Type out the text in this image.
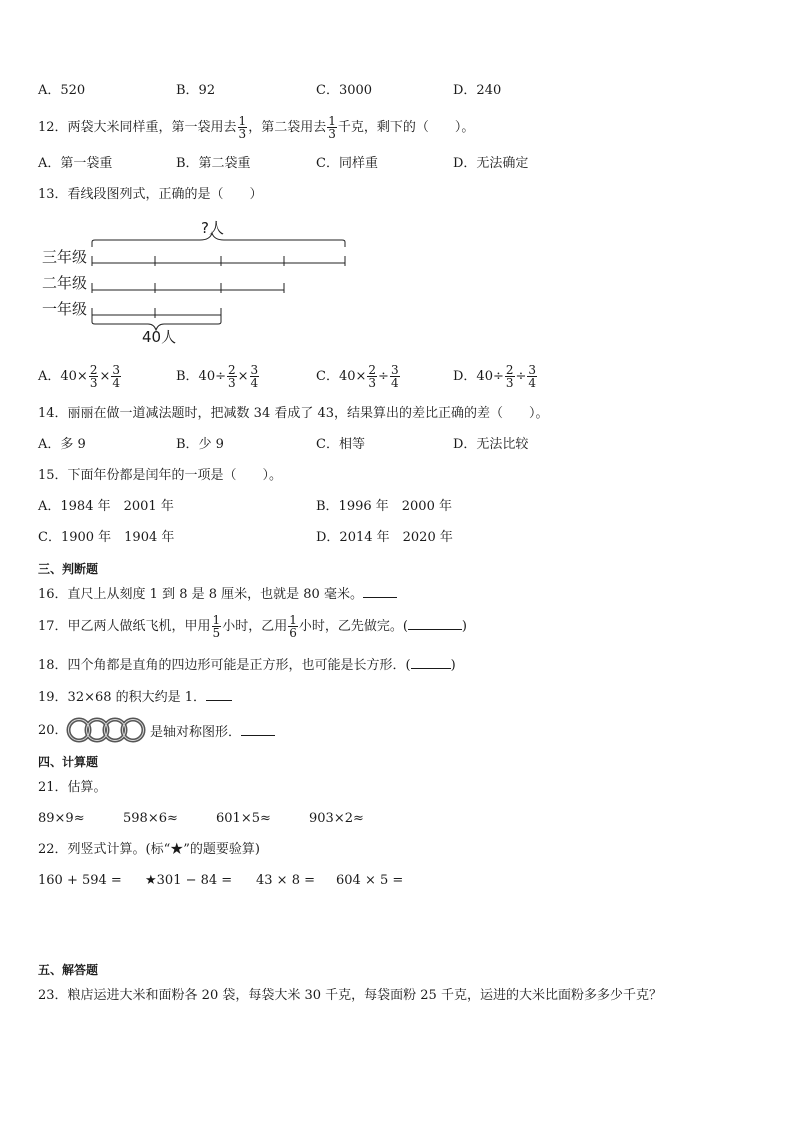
A．520	B．92	C．3000	D．240
12．两袋大米同样重，第一袋用去 $\frac{1}{3}$ ，第二袋用去 $\frac{1}{3}$ 千克，剩下的（　　）。
A．第一袋重	B．第二袋重	C．同样重	D．无法确定
13．看线段图列式，正确的是（　　）
?人
三年级
二年级
一年级
40人
A．$40\times \frac{2}{3} \times \frac{3}{4}$	B．$40\div \frac{2}{3} \times \frac{3}{4}$	C．$40\times \frac{2}{3} \div \frac{3}{4}$	D．$40\div \frac{2}{3} \div \frac{3}{4}$
14．丽丽在做一道减法题时，把减数 34 看成了 43，结果算出的差比正确的差（　　）。
A．多 9	B．少 9	C．相等	D．无法比较
15．下面年份都是闰年的一项是（　　）。
A．1984 年　2001 年	B．1996 年　2000 年
C．1900 年　1904 年	D．2014 年　2020 年
三、判断题
16．直尺上从刻度 1 到 8 是 8 厘米，也就是 80 毫米。
17．甲乙两人做纸飞机，甲用 $\frac{1}{5}$ 小时，乙用 $\frac{1}{6}$ 小时，乙先做完。(	)
18．四个角都是直角的四边形可能是正方形，也可能是长方形．(	)
19．32×68 的积大约是 1．
20．	是轴对称图形．
四、计算题
21．估算。
89×9≈	598×6≈	601×5≈	903×2≈
22．列竖式计算。(标“★”的题要验算)
160 + 594 = ★301 − 84 = 43 × 8 = 604 × 5 =
五、解答题
23．粮店运进大米和面粉各 20 袋，每袋大米 30 千克，每袋面粉 25 千克，运进的大米比面粉多多少千克？
